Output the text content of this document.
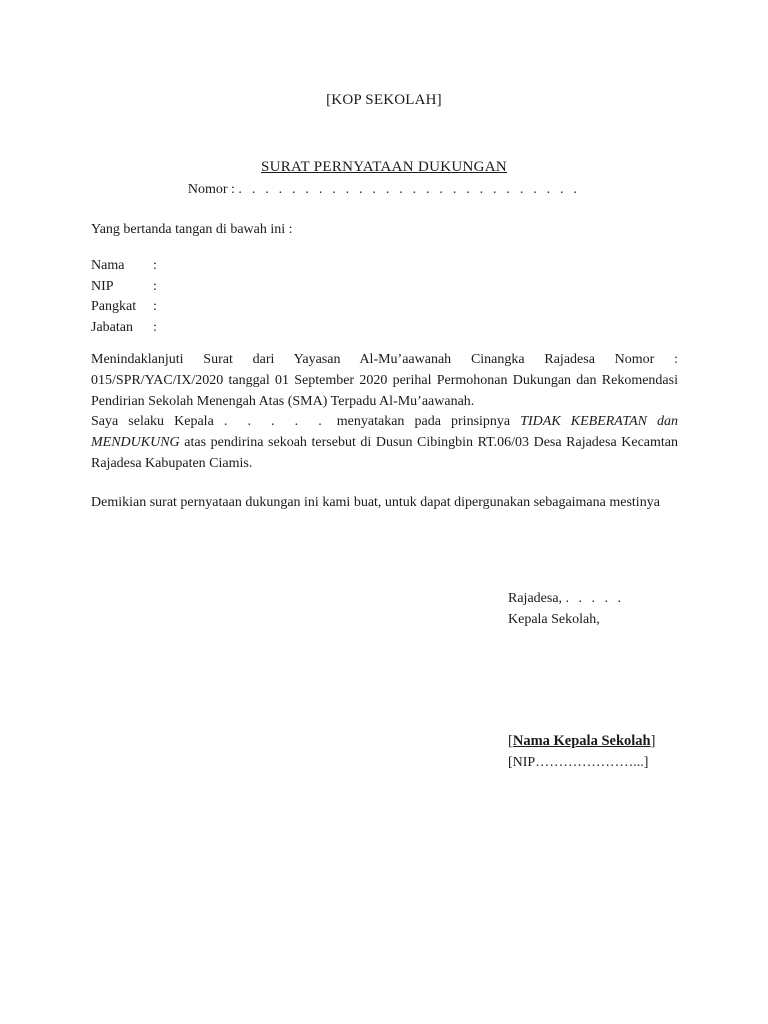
[KOP SEKOLAH]
SURAT PERNYATAAN DUKUNGAN
Nomor : . . . . . . . . . . . . . . . . . . . . . . . . . .
Yang bertanda tangan di bawah ini :
Nama	:
NIP	:
Pangkat	:
Jabatan	:
Menindaklanjuti Surat dari Yayasan Al-Mu’aawanah Cinangka Rajadesa Nomor : 015/SPR/YAC/IX/2020 tanggal 01 September 2020 perihal Permohonan Dukungan dan Rekomendasi Pendirian Sekolah Menengah Atas (SMA) Terpadu Al-Mu’aawanah.
Saya selaku Kepala . . . . . menyatakan pada prinsipnya TIDAK KEBERATAN dan MENDUKUNG atas pendirina sekoah tersebut di Dusun Cibingbin RT.06/03 Desa Rajadesa Kecamtan Rajadesa Kabupaten Ciamis.
Demikian surat pernyataan dukungan ini kami buat, untuk dapat dipergunakan sebagaimana mestinya
Rajadesa, . . . . .
Kepala Sekolah,
[Nama Kepala Sekolah]
[NIP…………………...]
